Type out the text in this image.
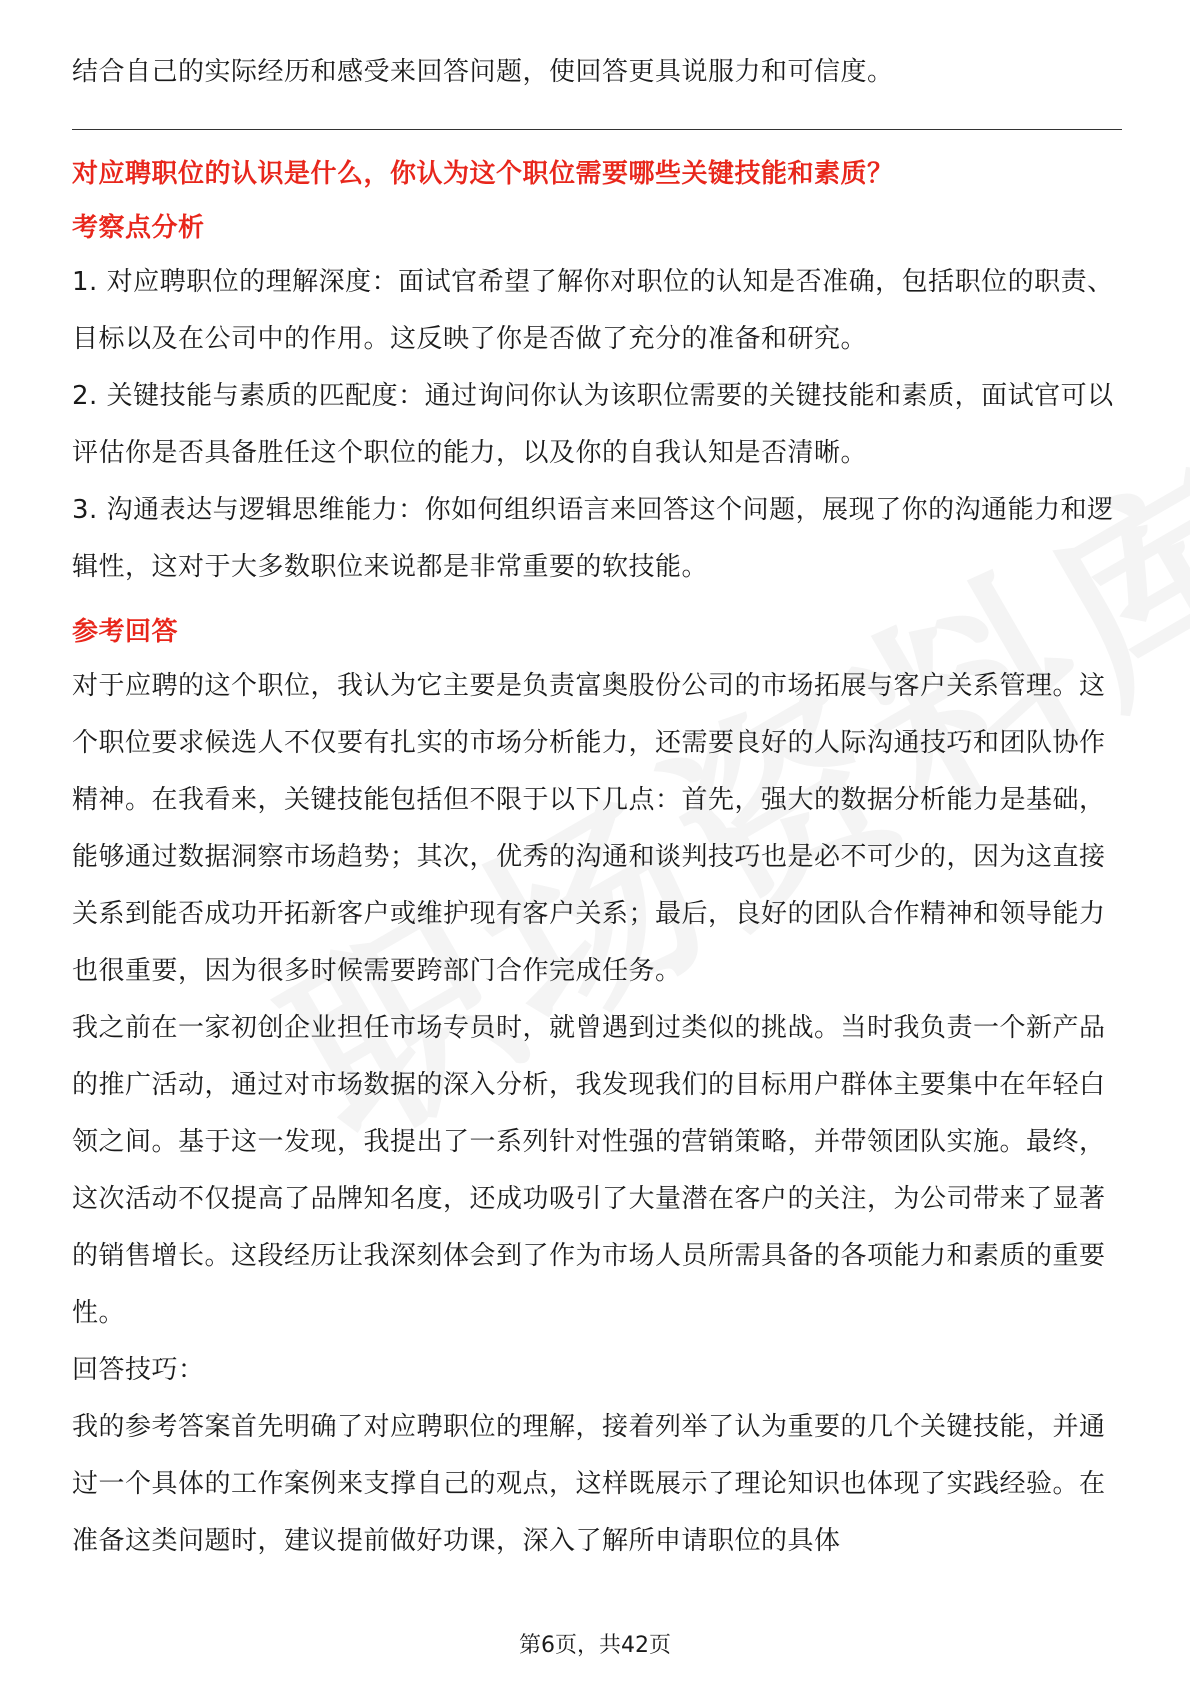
结合自己的实际经历和感受来回答问题，使回答更具说服力和可信度。

对应聘职位的认识是什么，你认为这个职位需要哪些关键技能和素质？

考察点分析

1. 对应聘职位的理解深度：面试官希望了解你对职位的认知是否准确，包括职位的职责、目标以及在公司中的作用。这反映了你是否做了充分的准备和研究。

2. 关键技能与素质的匹配度：通过询问你认为该职位需要的关键技能和素质，面试官可以评估你是否具备胜任这个职位的能力，以及你的自我认知是否清晰。

3. 沟通表达与逻辑思维能力：你如何组织语言来回答这个问题，展现了你的沟通能力和逻辑性，这对于大多数职位来说都是非常重要的软技能。

参考回答

对于应聘的这个职位，我认为它主要是负责富奥股份公司的市场拓展与客户关系管理。这个职位要求候选人不仅要有扎实的市场分析能力，还需要良好的人际沟通技巧和团队协作精神。在我看来，关键技能包括但不限于以下几点：首先，强大的数据分析能力是基础，能够通过数据洞察市场趋势；其次，优秀的沟通和谈判技巧也是必不可少的，因为这直接关系到能否成功开拓新客户或维护现有客户关系；最后，良好的团队合作精神和领导能力也很重要，因为很多时候需要跨部门合作完成任务。

我之前在一家初创企业担任市场专员时，就曾遇到过类似的挑战。当时我负责一个新产品的推广活动，通过对市场数据的深入分析，我发现我们的目标用户群体主要集中在年轻白领之间。基于这一发现，我提出了一系列针对性强的营销策略，并带领团队实施。最终，这次活动不仅提高了品牌知名度，还成功吸引了大量潜在客户的关注，为公司带来了显著的销售增长。这段经历让我深刻体会到了作为市场人员所需具备的各项能力和素质的重要性。

回答技巧：

我的参考答案首先明确了对应聘职位的理解，接着列举了认为重要的几个关键技能，并通过一个具体的工作案例来支撑自己的观点，这样既展示了理论知识也体现了实践经验。在准备这类问题时，建议提前做好功课，深入了解所申请职位的具体

第6页，共42页
